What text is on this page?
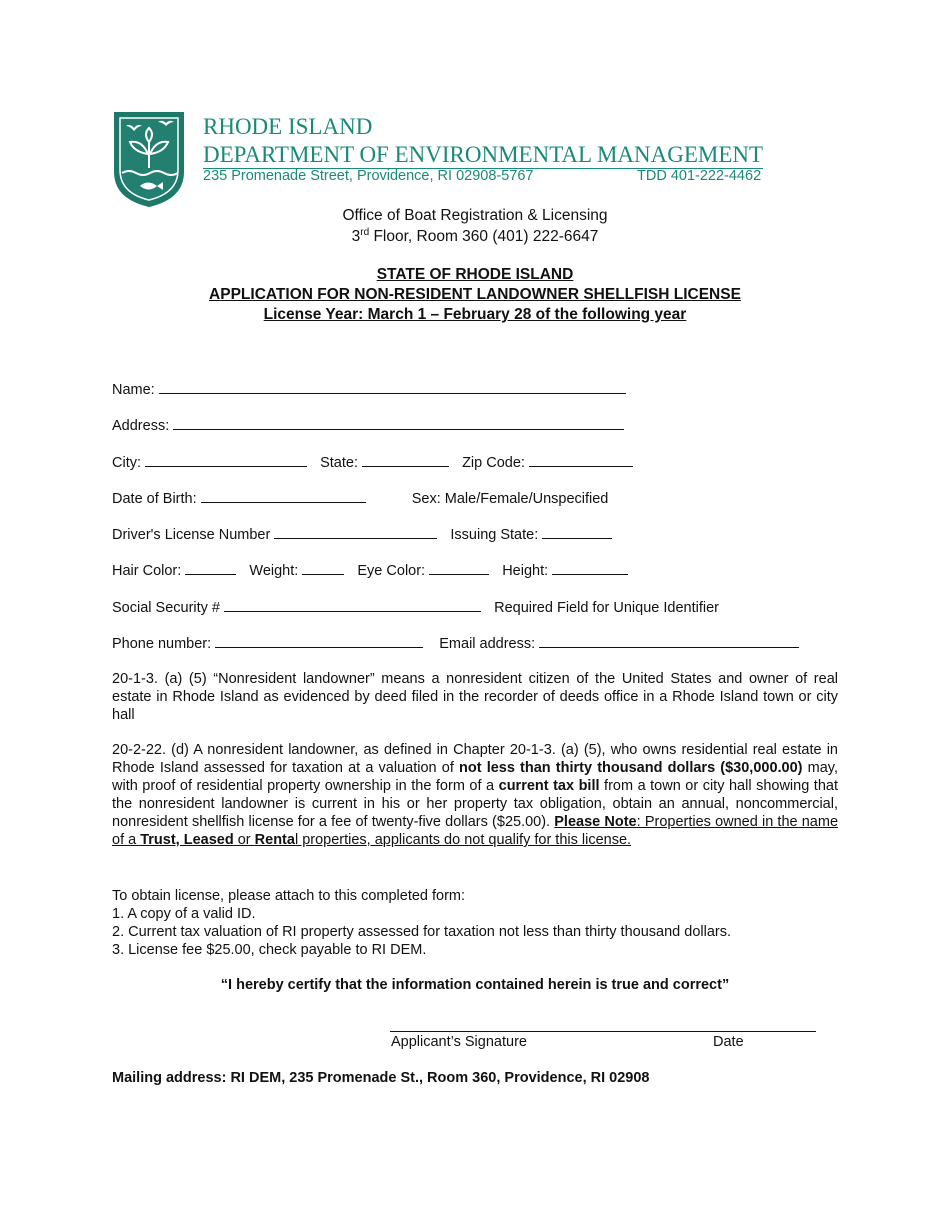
RHODE ISLAND
DEPARTMENT OF ENVIRONMENTAL MANAGEMENT
235 Promenade Street, Providence, RI 02908-5767	TDD 401-222-4462
Office of Boat Registration & Licensing
3rd Floor, Room 360 (401) 222-6647
STATE OF RHODE ISLAND
APPLICATION FOR NON-RESIDENT LANDOWNER SHELLFISH LICENSE
License Year: March 1 – February 28 of the following year
Name:
Address:
City:	State:	Zip Code:
Date of Birth:	Sex: Male/Female/Unspecified
Driver's License Number	Issuing State:
Hair Color:	Weight:	Eye Color:	Height:
Social Security #	Required Field for Unique Identifier
Phone number:	Email address:
20-1-3. (a) (5) “Nonresident landowner” means a nonresident citizen of the United States and owner of real estate in Rhode Island as evidenced by deed filed in the recorder of deeds office in a Rhode Island town or city hall
20-2-22. (d) A nonresident landowner, as defined in Chapter 20-1-3. (a) (5), who owns residential real estate in Rhode Island assessed for taxation at a valuation of not less than thirty thousand dollars ($30,000.00) may, with proof of residential property ownership in the form of a current tax bill from a town or city hall showing that the nonresident landowner is current in his or her property tax obligation, obtain an annual, noncommercial, nonresident shellfish license for a fee of twenty-five dollars ($25.00). Please Note: Properties owned in the name of a Trust, Leased or Rental properties, applicants do not qualify for this license.
To obtain license, please attach to this completed form:
1. A copy of a valid ID.
2. Current tax valuation of RI property assessed for taxation not less than thirty thousand dollars.
3. License fee $25.00, check payable to RI DEM.
“I hereby certify that the information contained herein is true and correct”
Applicant’s Signature	Date
Mailing address: RI DEM, 235 Promenade St., Room 360, Providence, RI 02908
